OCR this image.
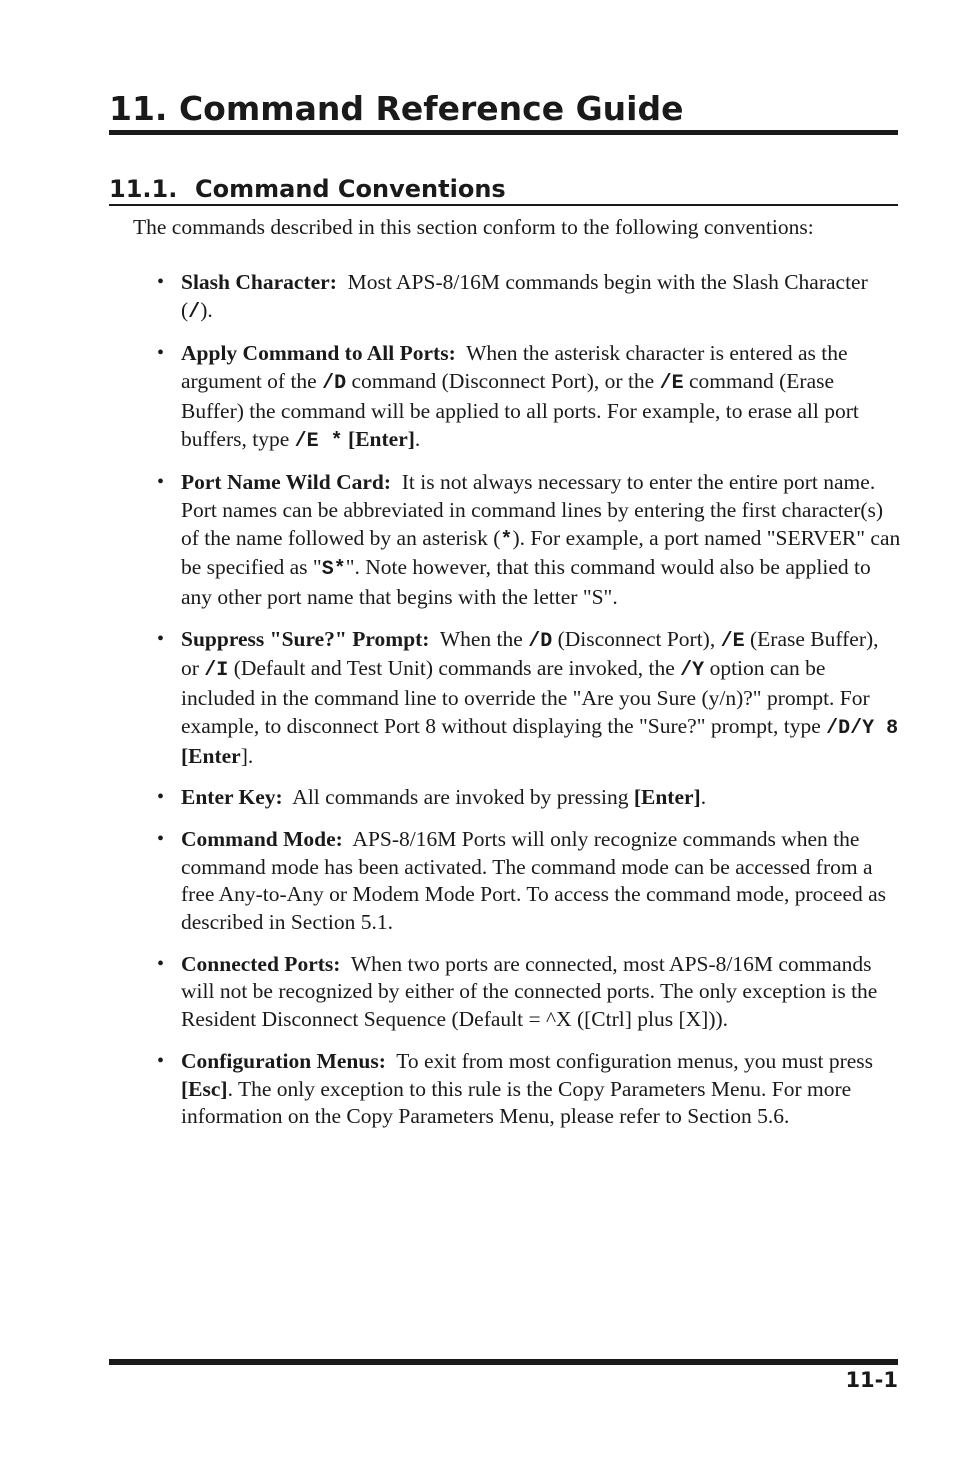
11. Command Reference Guide
11.1. Command Conventions

The commands described in this section conform to the following conventions:

• Slash Character: Most APS-8/16M commands begin with the Slash Character (/).
• Apply Command to All Ports: When the asterisk character is entered as the argument of the /D command (Disconnect Port), or the /E command (Erase Buffer) the command will be applied to all ports. For example, to erase all port buffers, type /E * [Enter].
• Port Name Wild Card: It is not always necessary to enter the entire port name. Port names can be abbreviated in command lines by entering the first character(s) of the name followed by an asterisk (*). For example, a port named "SERVER" can be specified as "S*". Note however, that this command would also be applied to any other port name that begins with the letter "S".
• Suppress "Sure?" Prompt: When the /D (Disconnect Port), /E (Erase Buffer), or /I (Default and Test Unit) commands are invoked, the /Y option can be included in the command line to override the "Are you Sure (y/n)?" prompt. For example, to disconnect Port 8 without displaying the "Sure?" prompt, type /D/Y 8 [Enter].
• Enter Key: All commands are invoked by pressing [Enter].
• Command Mode: APS-8/16M Ports will only recognize commands when the command mode has been activated. The command mode can be accessed from a free Any-to-Any or Modem Mode Port. To access the command mode, proceed as described in Section 5.1.
• Connected Ports: When two ports are connected, most APS-8/16M commands will not be recognized by either of the connected ports. The only exception is the Resident Disconnect Sequence (Default = ^X ([Ctrl] plus [X])).
• Configuration Menus: To exit from most configuration menus, you must press [Esc]. The only exception to this rule is the Copy Parameters Menu. For more information on the Copy Parameters Menu, please refer to Section 5.6.

11-1
